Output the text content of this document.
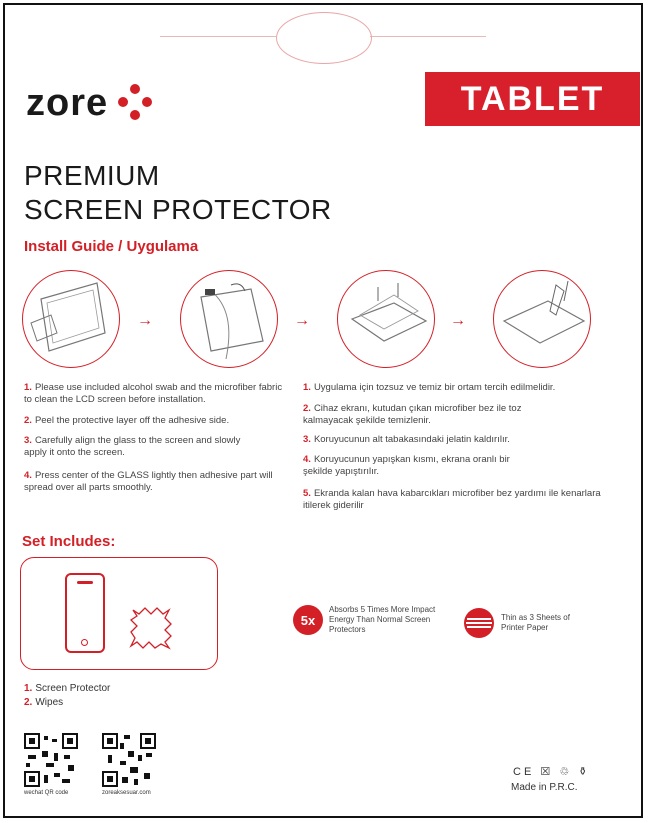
zore	TABLET
PREMIUM
SCREEN PROTECTOR
Install Guide / Uygulama
→	→	→
1. Please use included alcohol swab and the microfiber fabric to clean the LCD screen before installation.
2. Peel the protective layer off the adhesive side.
3. Carefully align the glass to the screen and slowly apply it onto the screen.
4. Press center of the GLASS lightly then adhesive part will spread over all parts smoothly.
1. Uygulama için tozsuz ve temiz bir ortam tercih edilmelidir.
2. Cihaz ekranı, kutudan çıkan microfiber bez ile toz kalmayacak şekilde temizlenir.
3. Koruyucunun alt tabakasındaki jelatin kaldırılır.
4. Koruyucunun yapışkan kısmı, ekrana oranlı bir şekilde yapıştırılır.
5. Ekranda kalan hava kabarcıkları microfiber bez yardımı ile kenarlara itilerek giderilir
Set Includes:
1. Screen Protector
2. Wipes
5x
Absorbs 5 Times More Impact Energy Than Normal Screen Protectors
Thin as 3 Sheets of Printer Paper
wechat QR code	zoreaksesuar.com
CE ☒ ♲ ⚱
Made in P.R.C.
